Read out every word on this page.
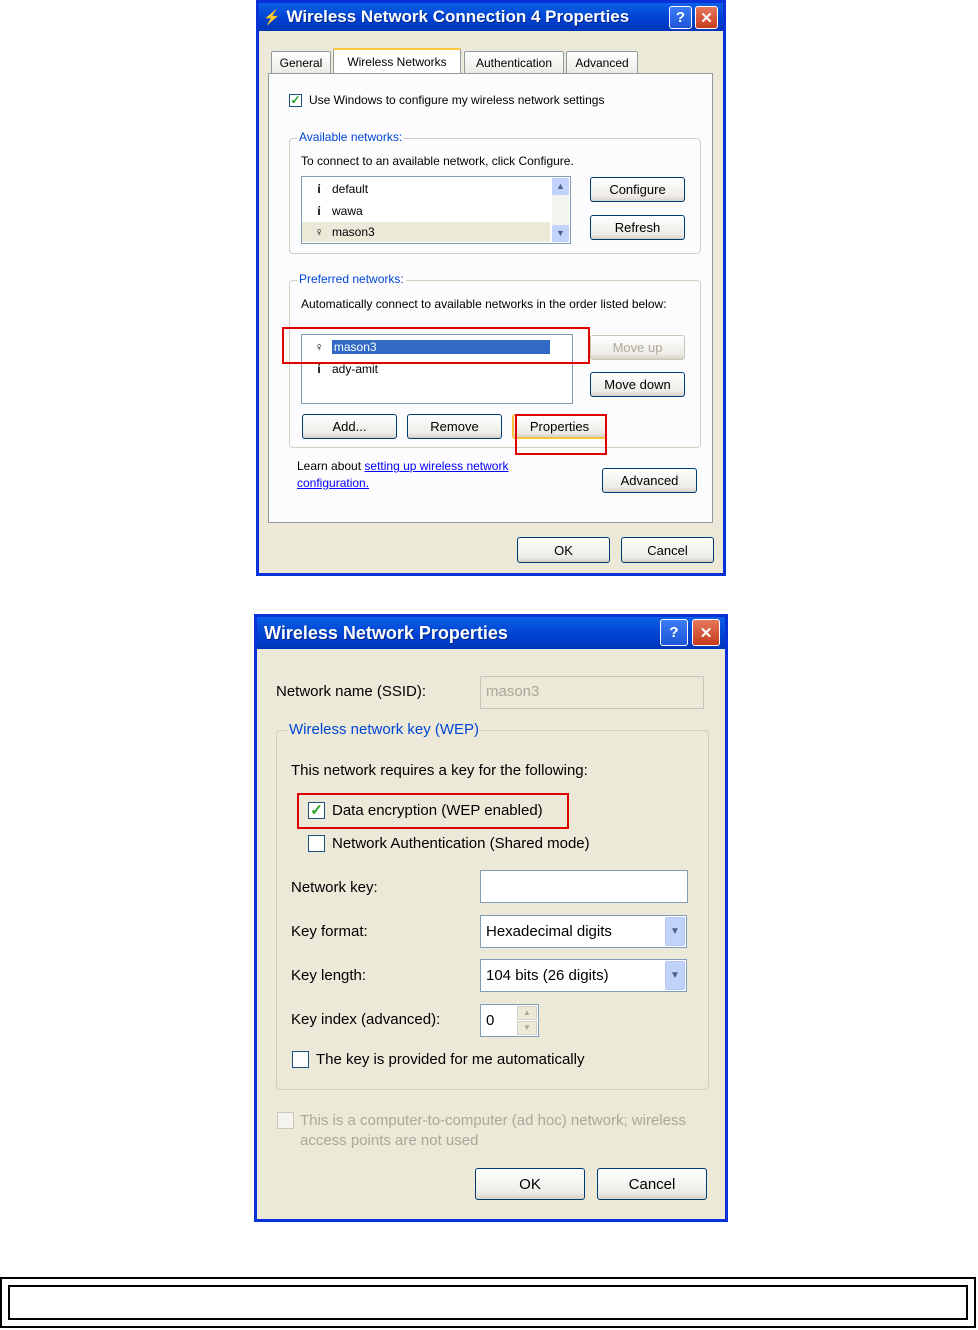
⚡ Wireless Network Connection 4 Properties	?	✕
General	Wireless Networks	Authentication	Advanced
✓ Use Windows to configure my wireless network settings
Available networks:
To connect to an available network, click Configure.
ί default
ί wawa
♀ mason3
▲
▼
Configure
Refresh
Preferred networks:
Automatically connect to available networks in the order listed below:
♀ mason3
ί ady-amit
Move up
Move down
Add...	Remove	Properties
Learn about setting up wireless network
configuration.	Advanced
OK	Cancel
Wireless Network Properties	?	✕
Network name (SSID):	mason3
Wireless network key (WEP)
This network requires a key for the following:
✓ Data encryption (WEP enabled)
Network Authentication (Shared mode)
Network key:
Key format:	Hexadecimal digits	▼
Key length:	104 bits (26 digits)	▼
Key index (advanced):	0	▲
▼
The key is provided for me automatically
This is a computer-to-computer (ad hoc) network; wireless
access points are not used
OK	Cancel
